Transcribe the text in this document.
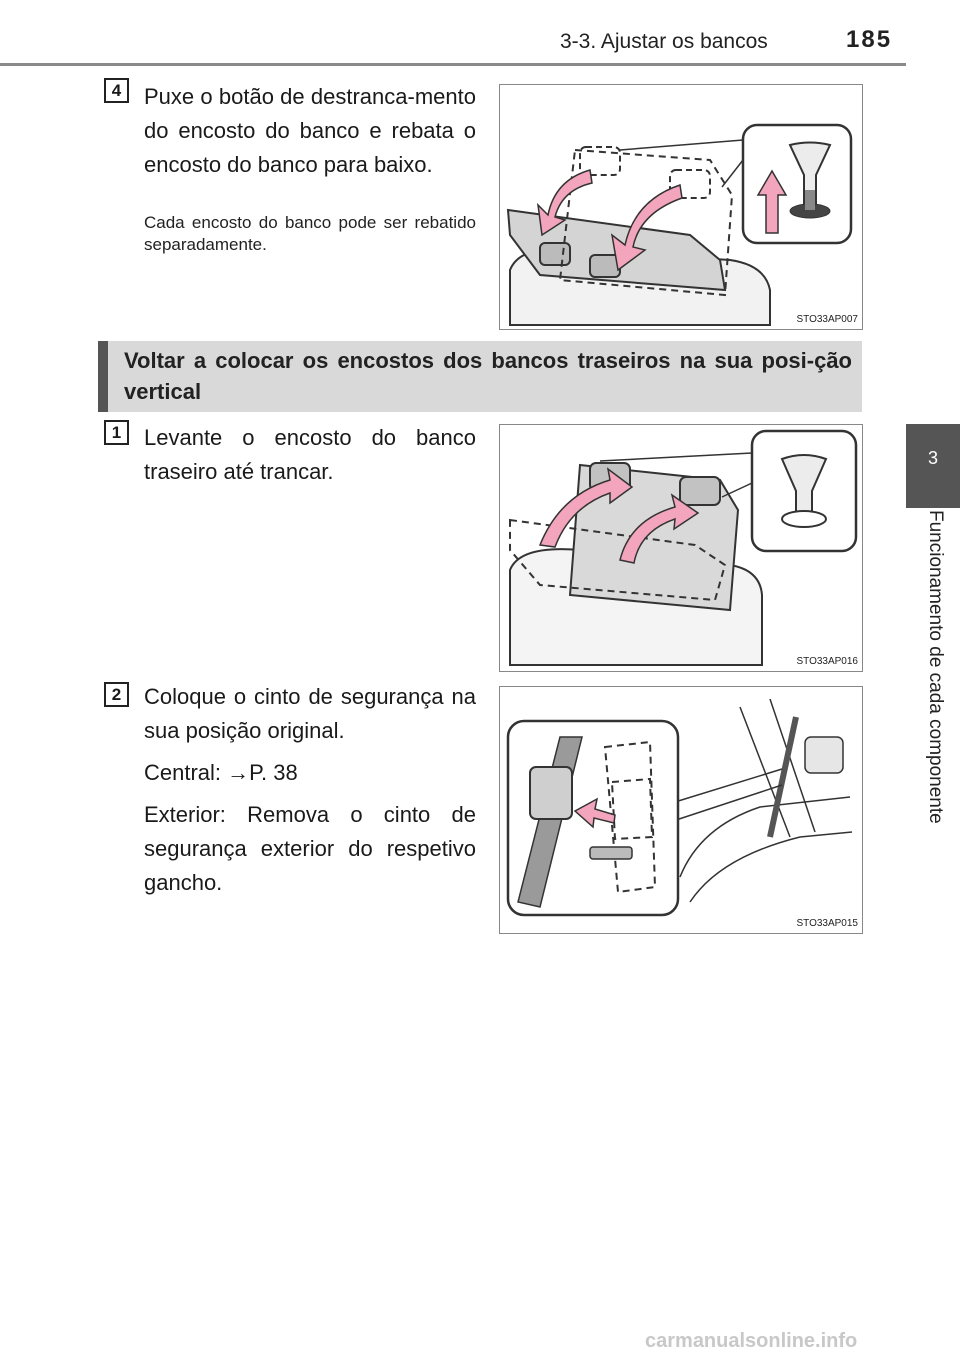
3-3. Ajustar os bancos	185
3
Funcionamento de cada componente
4	Puxe o botão de destranca-mento do encosto do banco e rebata o encosto do banco para baixo.

Cada encosto do banco pode ser rebatido separadamente.
STO33AP007
Voltar a colocar os encostos dos bancos traseiros na sua posi-ção vertical
1	Levante o encosto do banco traseiro até trancar.

STO33AP016
2	Coloque o cinto de segurança na sua posição original.

Central: →P. 38

Exterior: Remova o cinto de segurança exterior do respetivo gancho.

STO33AP015
carmanualsonline.info
